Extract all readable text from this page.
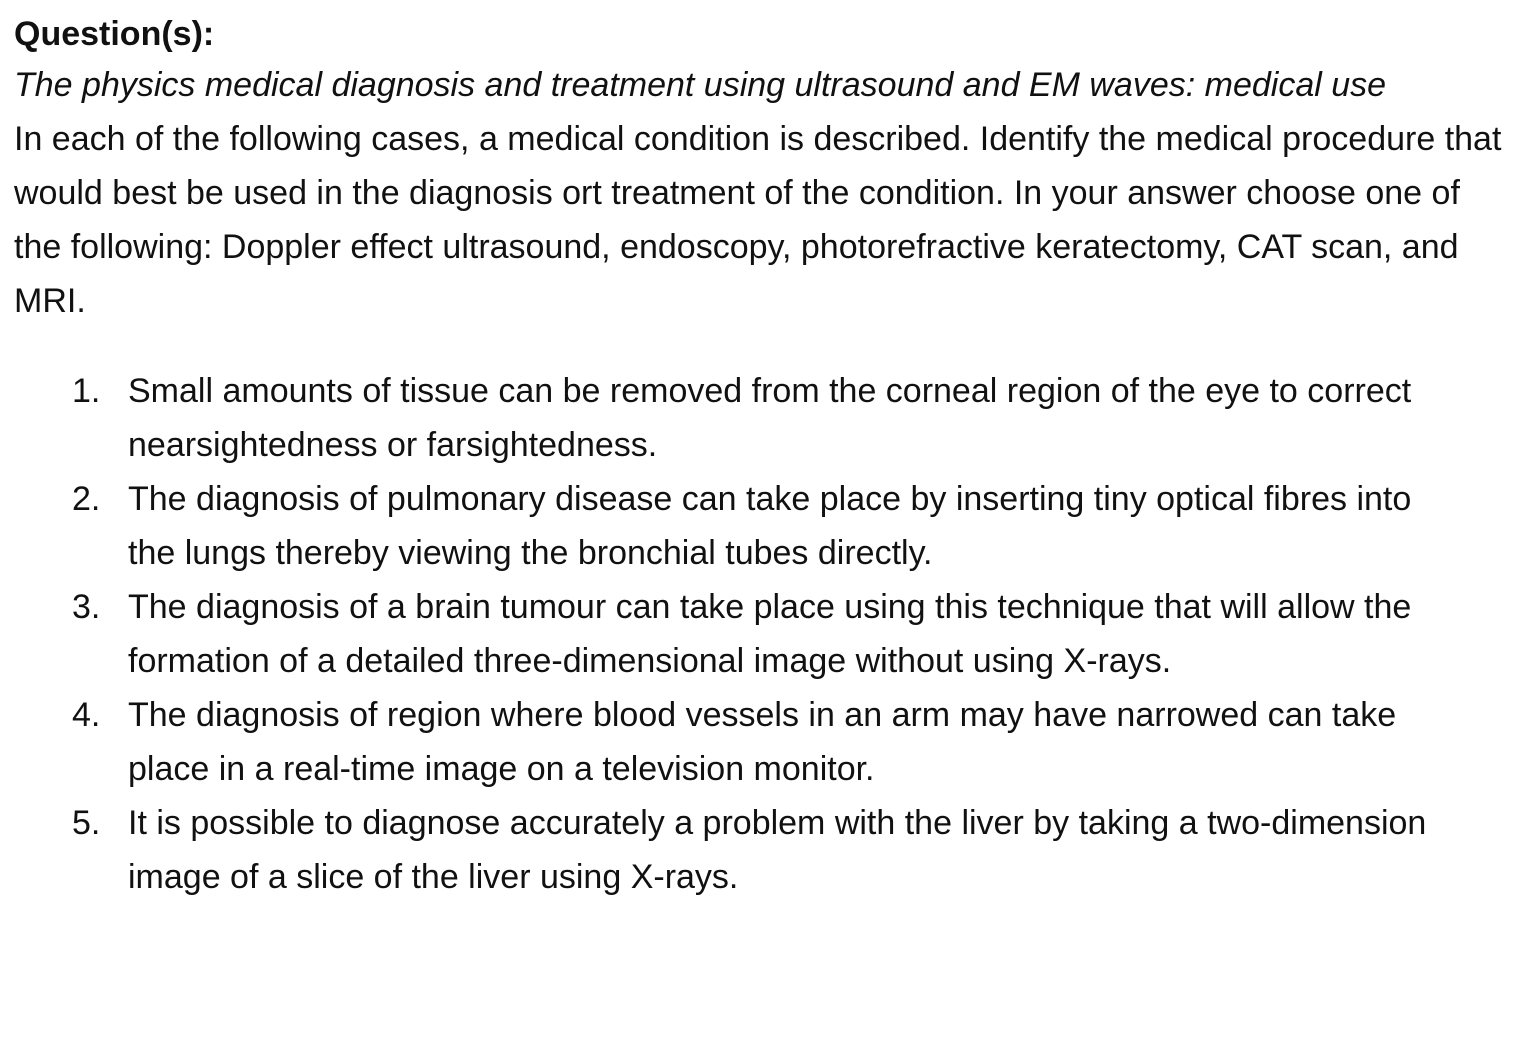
Question(s):

The physics medical diagnosis and treatment using ultrasound and EM waves: medical use

In each of the following cases, a medical condition is described. Identify the medical procedure that would best be used in the diagnosis ort treatment of the condition. In your answer choose one of the following: Doppler effect ultrasound, endoscopy, photorefractive keratectomy, CAT scan, and MRI.

1. Small amounts of tissue can be removed from the corneal region of the eye to correct nearsightedness or farsightedness.
2. The diagnosis of pulmonary disease can take place by inserting tiny optical fibres into the lungs thereby viewing the bronchial tubes directly.
3. The diagnosis of a brain tumour can take place using this technique that will allow the formation of a detailed three-dimensional image without using X-rays.
4. The diagnosis of region where blood vessels in an arm may have narrowed can take place in a real-time image on a television monitor.
5. It is possible to diagnose accurately a problem with the liver by taking a two-dimension image of a slice of the liver using X-rays.
